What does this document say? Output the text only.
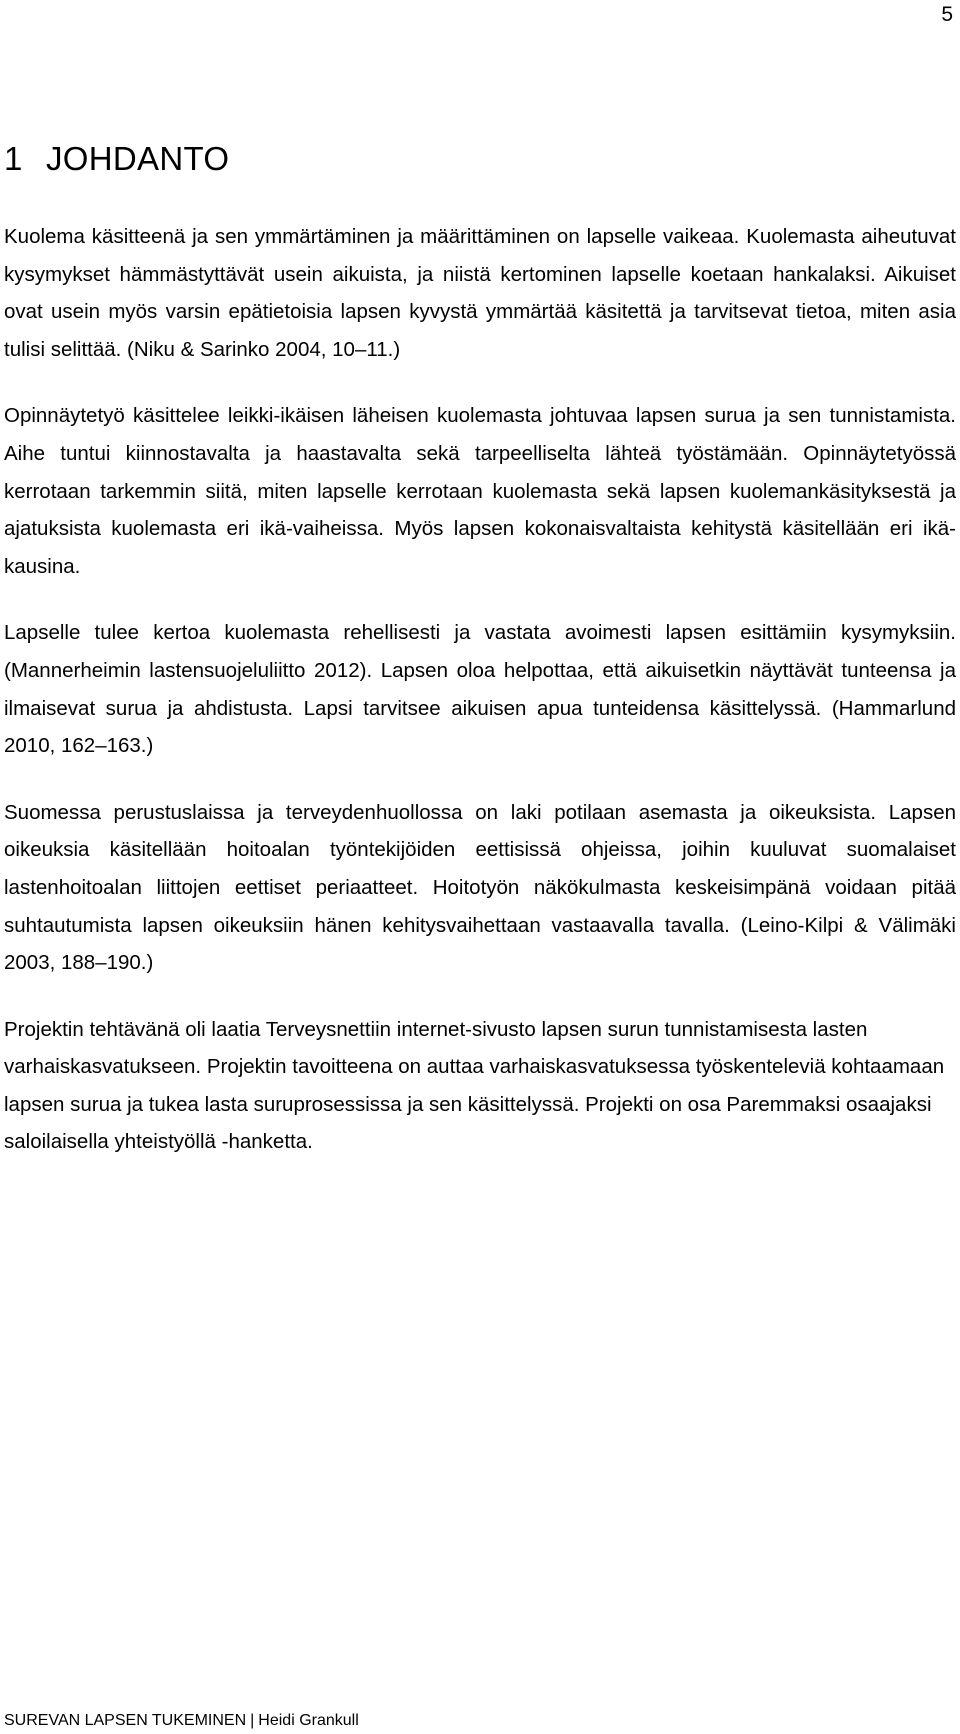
5
1 JOHDANTO

Kuolema käsitteenä ja sen ymmärtäminen ja määrittäminen on lapselle vaikeaa. Kuolemasta aiheutuvat kysymykset hämmästyttävät usein aikuista, ja niistä kertominen lapselle koetaan hankalaksi. Aikuiset ovat usein myös varsin epätietoisia lapsen kyvystä ymmärtää käsitettä ja tarvitsevat tietoa, miten asia tulisi selittää. (Niku & Sarinko 2004, 10–11.)

Opinnäytetyö käsittelee leikki-ikäisen läheisen kuolemasta johtuvaa lapsen surua ja sen tunnistamista. Aihe tuntui kiinnostavalta ja haastavalta sekä tarpeelliselta lähteä työstämään. Opinnäytetyössä kerrotaan tarkemmin siitä, miten lapselle kerrotaan kuolemasta sekä lapsen kuolemankäsityksestä ja ajatuksista kuolemasta eri ikä-vaiheissa. Myös lapsen kokonaisvaltaista kehitystä käsitellään eri ikä-kausina.

Lapselle tulee kertoa kuolemasta rehellisesti ja vastata avoimesti lapsen esittämiin kysymyksiin. (Mannerheimin lastensuojeluliitto 2012). Lapsen oloa helpottaa, että aikuisetkin näyttävät tunteensa ja ilmaisevat surua ja ahdistusta. Lapsi tarvitsee aikuisen apua tunteidensa käsittelyssä. (Hammarlund 2010, 162–163.)

Suomessa perustuslaissa ja terveydenhuollossa on laki potilaan asemasta ja oikeuksista. Lapsen oikeuksia käsitellään hoitoalan työntekijöiden eettisissä ohjeissa, joihin kuuluvat suomalaiset lastenhoitoalan liittojen eettiset periaatteet. Hoitotyön näkökulmasta keskeisimpänä voidaan pitää suhtautumista lapsen oikeuksiin hänen kehitysvaihettaan vastaavalla tavalla. (Leino-Kilpi & Välimäki 2003, 188–190.)

Projektin tehtävänä oli laatia Terveysnettiin internet-sivusto lapsen surun tunnistamisesta lasten varhaiskasvatukseen. Projektin tavoitteena on auttaa varhaiskasvatuksessa työskenteleviä kohtaamaan lapsen surua ja tukea lasta suruprosessissa ja sen käsittelyssä. Projekti on osa Paremmaksi osaajaksi saloilaisella yhteistyöllä -hanketta.

SUREVAN LAPSEN TUKEMINEN | Heidi Grankull
